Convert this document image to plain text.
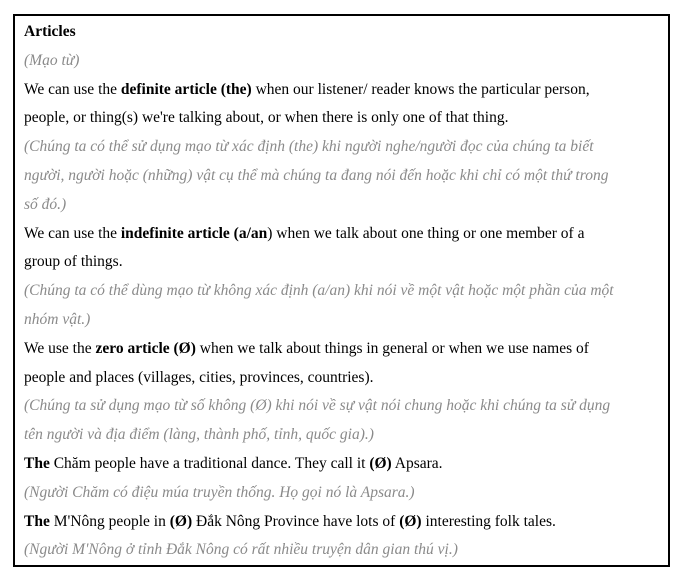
Articles
(Mạo từ)
We can use the definite article (the) when our listener/ reader knows the particular person,
people, or thing(s) we're talking about, or when there is only one of that thing.
(Chúng ta có thể sử dụng mạo từ xác định (the) khi người nghe/người đọc của chúng ta biết
người, người hoặc (những) vật cụ thể mà chúng ta đang nói đến hoặc khi chỉ có một thứ trong
số đó.)
We can use the indefinite article (a/an) when we talk about one thing or one member of a
group of things.
(Chúng ta có thể dùng mạo từ không xác định (a/an) khi nói về một vật hoặc một phần của một
nhóm vật.)
We use the zero article (Ø) when we talk about things in general or when we use names of
people and places (villages, cities, provinces, countries).
(Chúng ta sử dụng mạo từ số không (Ø) khi nói về sự vật nói chung hoặc khi chúng ta sử dụng
tên người và địa điểm (làng, thành phố, tỉnh, quốc gia).)
The Chăm people have a traditional dance. They call it (Ø) Apsara.
(Người Chăm có điệu múa truyền thống. Họ gọi nó là Apsara.)
The M'Nông people in (Ø) Đắk Nông Province have lots of (Ø) interesting folk tales.
(Người M'Nông ở tỉnh Đắk Nông có rất nhiều truyện dân gian thú vị.)
